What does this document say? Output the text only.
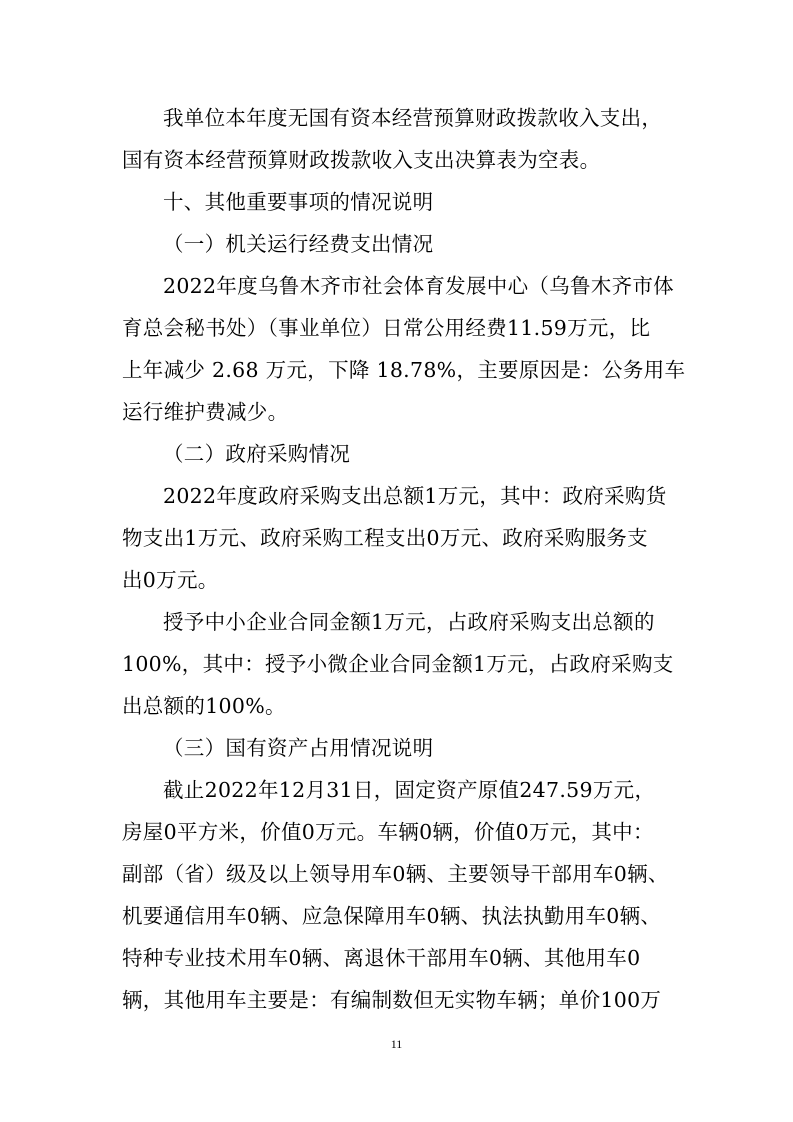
我单位本年度无国有资本经营预算财政拨款收入支出，
国有资本经营预算财政拨款收入支出决算表为空表。
十、其他重要事项的情况说明
（一）机关运行经费支出情况
2022年度乌鲁木齐市社会体育发展中心（乌鲁木齐市体
育总会秘书处）（事业单位）日常公用经费11.59万元，比
上年减少 2.68 万元，下降 18.78%，主要原因是：公务用车
运行维护费减少。
（二）政府采购情况
2022年度政府采购支出总额1万元，其中：政府采购货
物支出1万元、政府采购工程支出0万元、政府采购服务支
出0万元。
授予中小企业合同金额1万元，占政府采购支出总额的
100%，其中：授予小微企业合同金额1万元，占政府采购支
出总额的100%。
（三）国有资产占用情况说明
截止2022年12月31日，固定资产原值247.59万元，
房屋0平方米，价值0万元。车辆0辆，价值0万元，其中：
副部（省）级及以上领导用车0辆、主要领导干部用车0辆、
机要通信用车0辆、应急保障用车0辆、执法执勤用车0辆、
特种专业技术用车0辆、离退休干部用车0辆、其他用车0
辆，其他用车主要是：有编制数但无实物车辆；单价100万
11
